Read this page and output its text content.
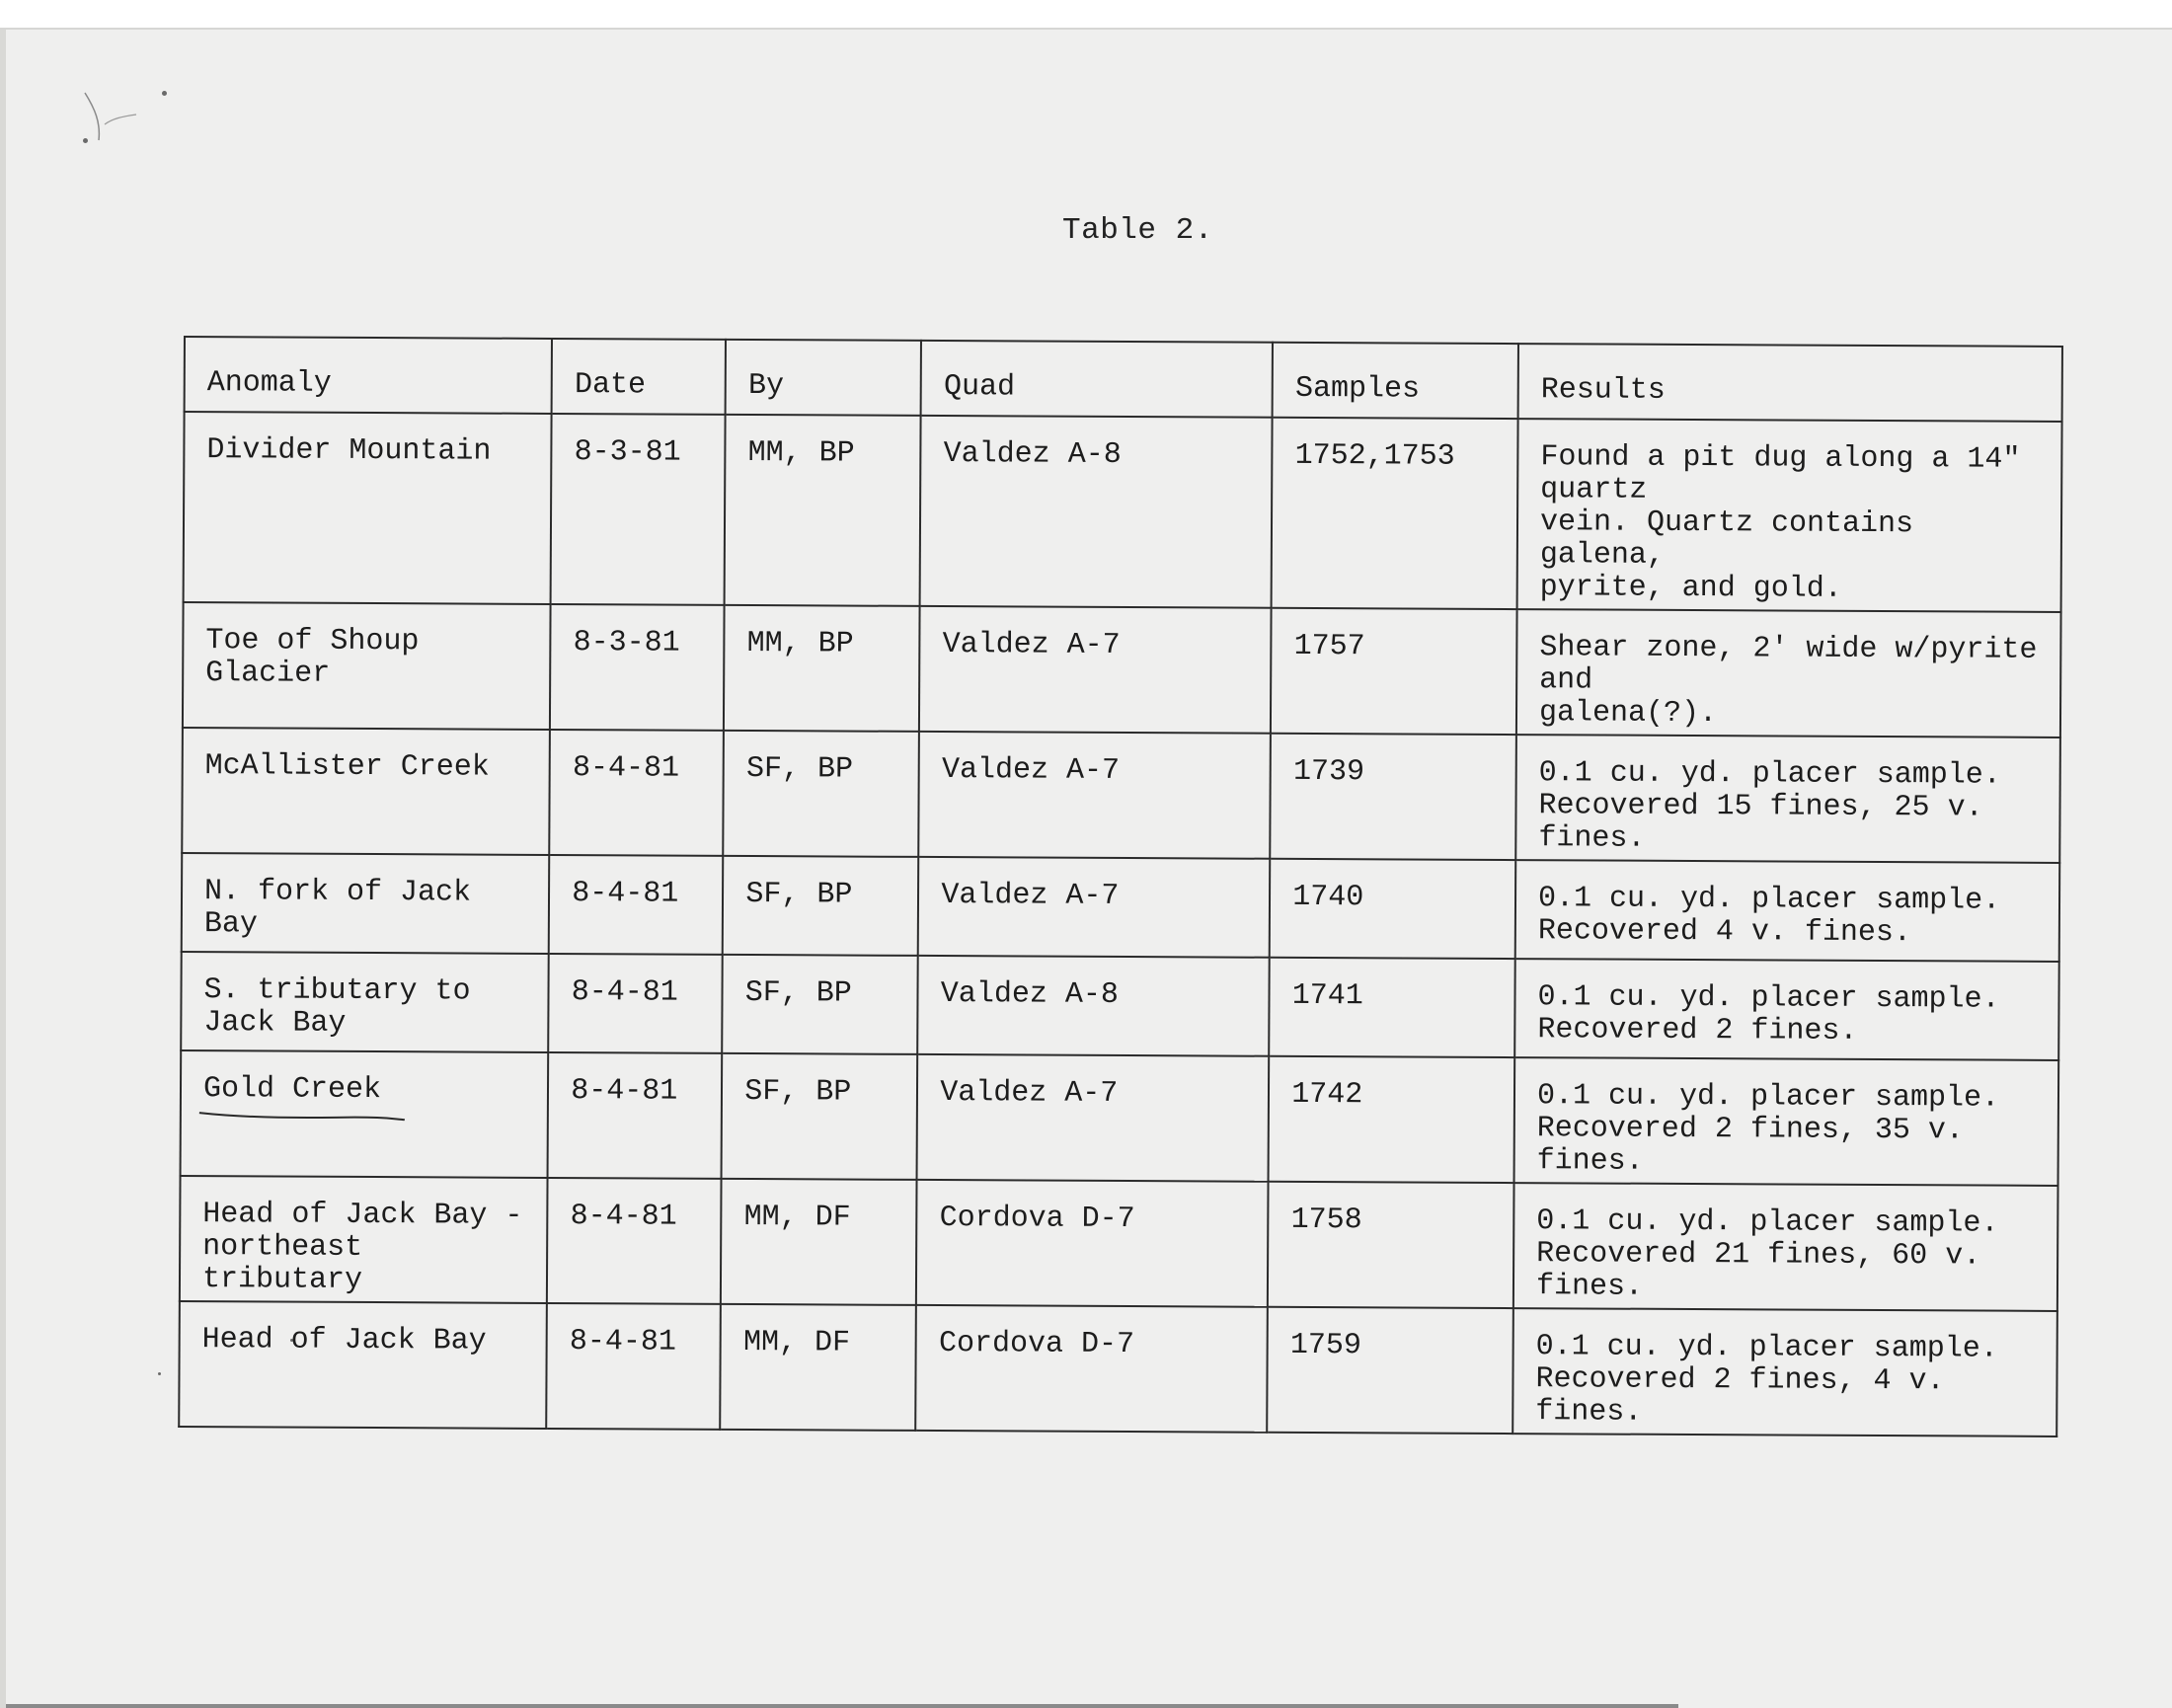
Table 2.
Anomaly	Date	By	Quad	Samples	Results
Divider Mountain	8-3-81	MM, BP	Valdez A-8	1752,1753	Found a pit dug along a 14" quartz
vein. Quartz contains galena,
pyrite, and gold.
Toe of Shoup Glacier	8-3-81	MM, BP	Valdez A-7	1757	Shear zone, 2' wide w/pyrite and
galena(?).
McAllister Creek	8-4-81	SF, BP	Valdez A-7	1739	0.1 cu. yd. placer sample.
Recovered 15 fines, 25 v. fines.
N. fork of Jack Bay	8-4-81	SF, BP	Valdez A-7	1740	0.1 cu. yd. placer sample.
Recovered 4 v. fines.
S. tributary to
Jack Bay	8-4-81	SF, BP	Valdez A-8	1741	0.1 cu. yd. placer sample.
Recovered 2 fines.
Gold Creek	8-4-81	SF, BP	Valdez A-7	1742	0.1 cu. yd. placer sample.
Recovered 2 fines, 35 v. fines.
Head of Jack Bay -
northeast tributary	8-4-81	MM, DF	Cordova D-7	1758	0.1 cu. yd. placer sample.
Recovered 21 fines, 60 v. fines.
Head of Jack Bay	8-4-81	MM, DF	Cordova D-7	1759	0.1 cu. yd. placer sample.
Recovered 2 fines, 4 v. fines.
